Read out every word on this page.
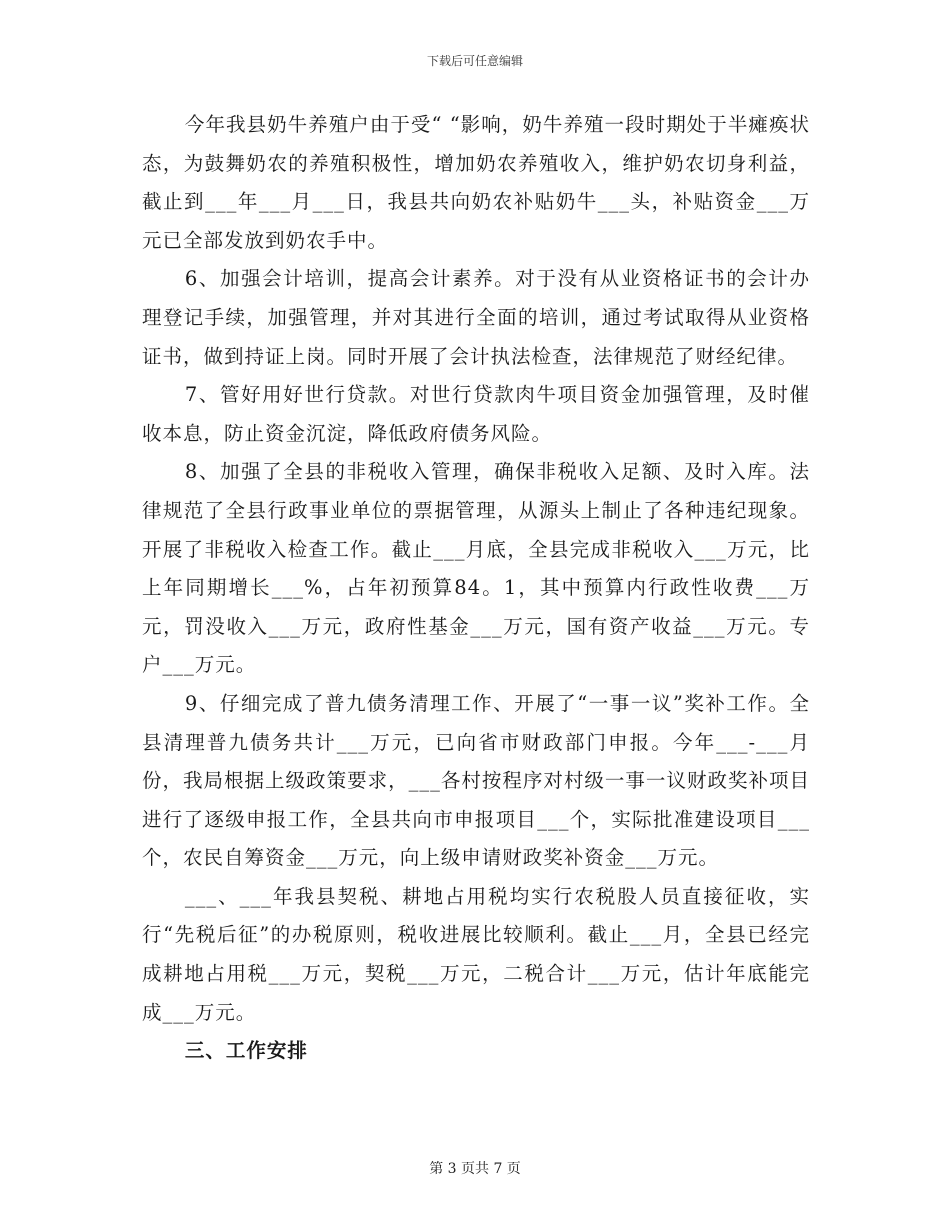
下载后可任意编辑

今年我县奶牛养殖户由于受“ “影响，奶牛养殖一段时期处于半瘫痪状态，为鼓舞奶农的养殖积极性，增加奶农养殖收入，维护奶农切身利益，截止到___年___月___日，我县共向奶农补贴奶牛___头，补贴资金___万元已全部发放到奶农手中。

6、加强会计培训，提高会计素养。对于没有从业资格证书的会计办理登记手续，加强管理，并对其进行全面的培训，通过考试取得从业资格证书，做到持证上岗。同时开展了会计执法检查，法律规范了财经纪律。

7、管好用好世行贷款。对世行贷款肉牛项目资金加强管理，及时催收本息，防止资金沉淀，降低政府债务风险。

8、加强了全县的非税收入管理，确保非税收入足额、及时入库。法律规范了全县行政事业单位的票据管理，从源头上制止了各种违纪现象。开展了非税收入检查工作。截止___月底，全县完成非税收入___万元，比上年同期增长___%，占年初预算84。1，其中预算内行政性收费___万元，罚没收入___万元，政府性基金___万元，国有资产收益___万元。专户___万元。

9、仔细完成了普九债务清理工作、开展了“一事一议”奖补工作。全县清理普九债务共计___万元，已向省市财政部门申报。今年___-___月份，我局根据上级政策要求，___各村按程序对村级一事一议财政奖补项目进行了逐级申报工作，全县共向市申报项目___个，实际批准建设项目___个，农民自筹资金___万元，向上级申请财政奖补资金___万元。

___、___年我县契税、耕地占用税均实行农税股人员直接征收，实行“先税后征”的办税原则，税收进展比较顺利。截止___月，全县已经完成耕地占用税___万元，契税___万元，二税合计___万元，估计年底能完成___万元。

三、工作安排

第 3 页共 7 页
